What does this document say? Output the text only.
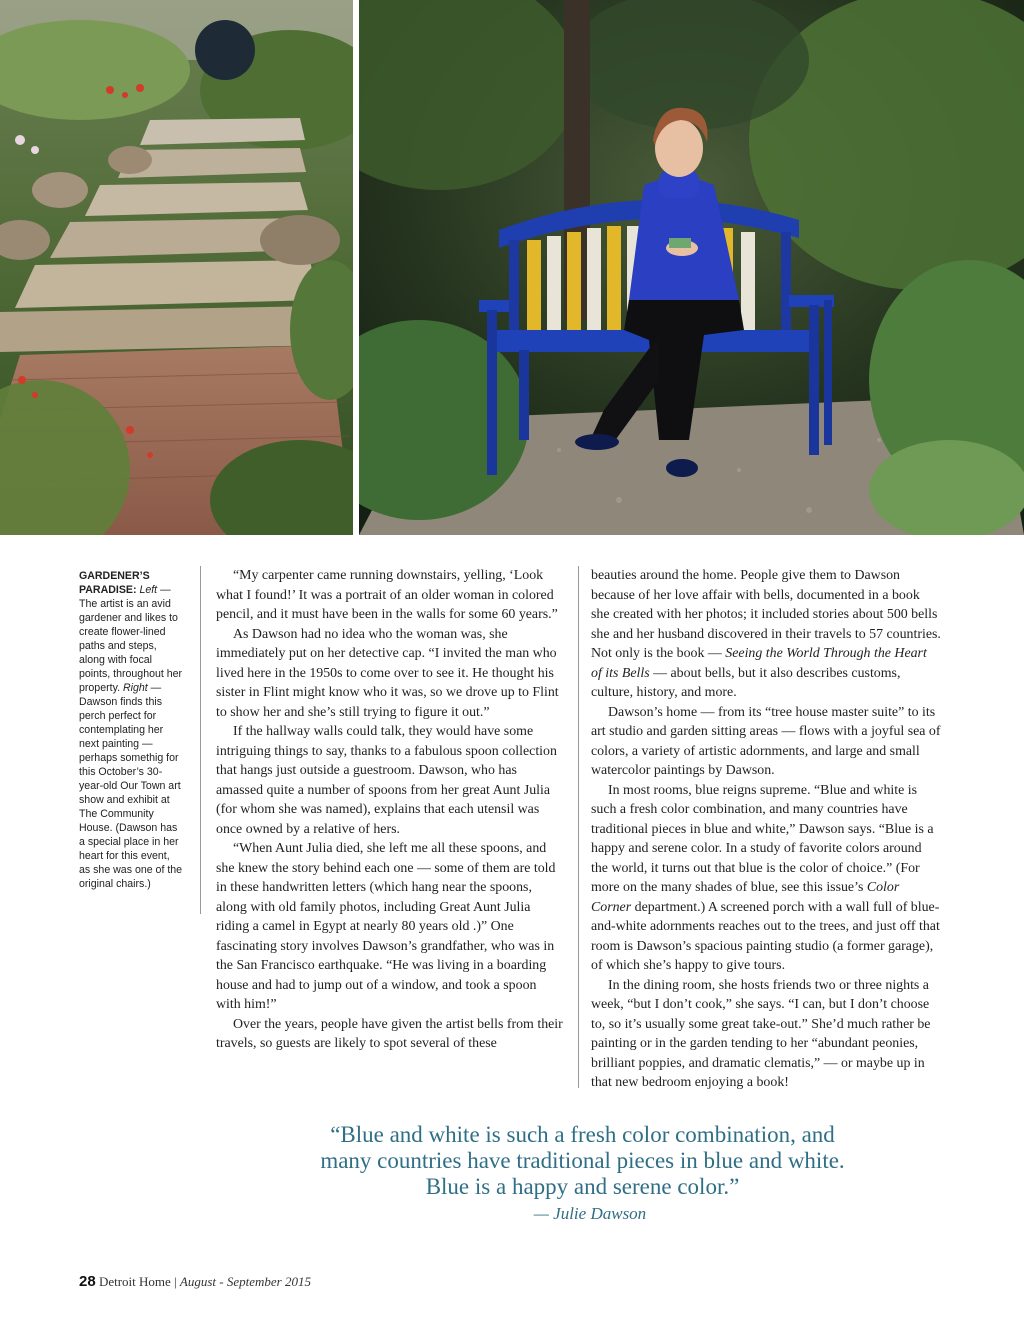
GARDENER’S PARADISE: Left — The artist is an avid gardener and likes to create flower-lined paths and steps, along with focal points, throughout her property. Right — Dawson finds this perch perfect for contemplating her next painting — perhaps somethig for this October’s 30-year-old Our Town art show and exhibit at The Community House. (Dawson has a special place in her heart for this event, as she was one of the original chairs.)

“My carpenter came running downstairs, yelling, ‘Look what I found!’ It was a portrait of an older woman in colored pencil, and it must have been in the walls for some 60 years.”

As Dawson had no idea who the woman was, she immediately put on her detective cap. “I invited the man who lived here in the 1950s to come over to see it. He thought his sister in Flint might know who it was, so we drove up to Flint to show her and she’s still trying to figure it out.”

If the hallway walls could talk, they would have some intriguing things to say, thanks to a fabulous spoon collection that hangs just outside a guestroom. Dawson, who has amassed quite a number of spoons from her great Aunt Julia (for whom she was named), explains that each utensil was once owned by a relative of hers.

“When Aunt Julia died, she left me all these spoons, and she knew the story behind each one — some of them are told in these handwritten letters (which hang near the spoons, along with old family photos, including Great Aunt Julia riding a camel in Egypt at nearly 80 years old .)” One fascinating story involves Dawson’s grandfather, who was in the San Francisco earthquake. “He was living in a boarding house and had to jump out of a window, and took a spoon with him!”

Over the years, people have given the artist bells from their travels, so guests are likely to spot several of these

beauties around the home. People give them to Dawson because of her love affair with bells, documented in a book she created with her photos; it included stories about 500 bells she and her husband discovered in their travels to 57 countries. Not only is the book — Seeing the World Through the Heart of its Bells — about bells, but it also describes customs, culture, history, and more.

Dawson’s home — from its “tree house master suite” to its art studio and garden sitting areas — flows with a joyful sea of colors, a variety of artistic adornments, and large and small watercolor paintings by Dawson.

In most rooms, blue reigns supreme. “Blue and white is such a fresh color combination, and many countries have traditional pieces in blue and white,” Dawson says. “Blue is a happy and serene color. In a study of favorite colors around the world, it turns out that blue is the color of choice.” (For more on the many shades of blue, see this issue’s Color Corner department.) A screened porch with a wall full of blue-and-white adornments reaches out to the trees, and just off that room is Dawson’s spacious painting studio (a former garage), of which she’s happy to give tours.

In the dining room, she hosts friends two or three nights a week, “but I don’t cook,” she says. “I can, but I don’t choose to, so it’s usually some great take-out.” She’d much rather be painting or in the garden tending to her “abundant peonies, brilliant poppies, and dramatic clematis,” — or maybe up in that new bedroom enjoying a book!

“Blue and white is such a fresh color combination, and
many countries have traditional pieces in blue and white.
Blue is a happy and serene color.”
— Julie Dawson
28 Detroit Home | August - September 2015
